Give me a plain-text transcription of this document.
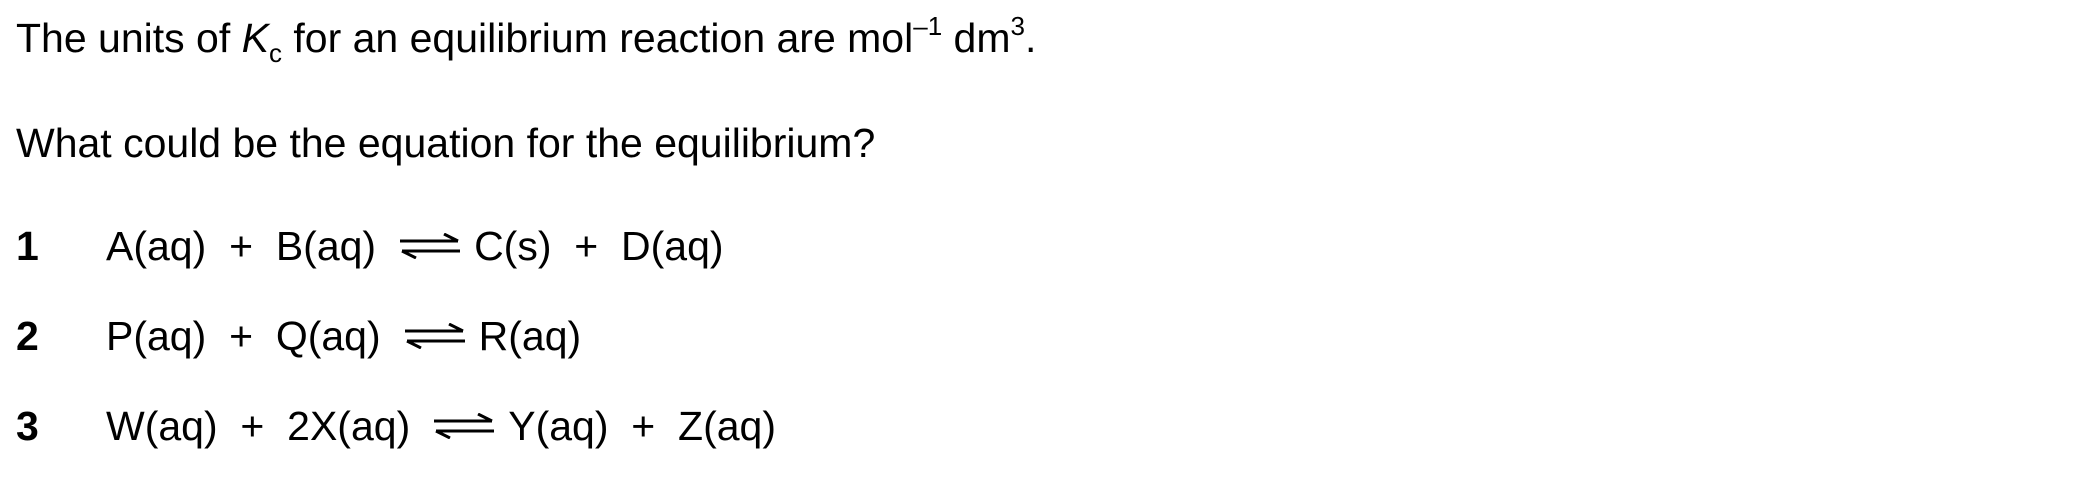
The units of $K_c$ for an equilibrium reaction are mol$^{-1}$ $dm^3$.

What could be the equation for the equilibrium?

1 A(aq) + B(aq) ⇌ C(s) + D(aq)
2 P(aq) + Q(aq) ⇌ R(aq)
3 W(aq) + 2X(aq) ⇌ Y(aq) + Z(aq)
